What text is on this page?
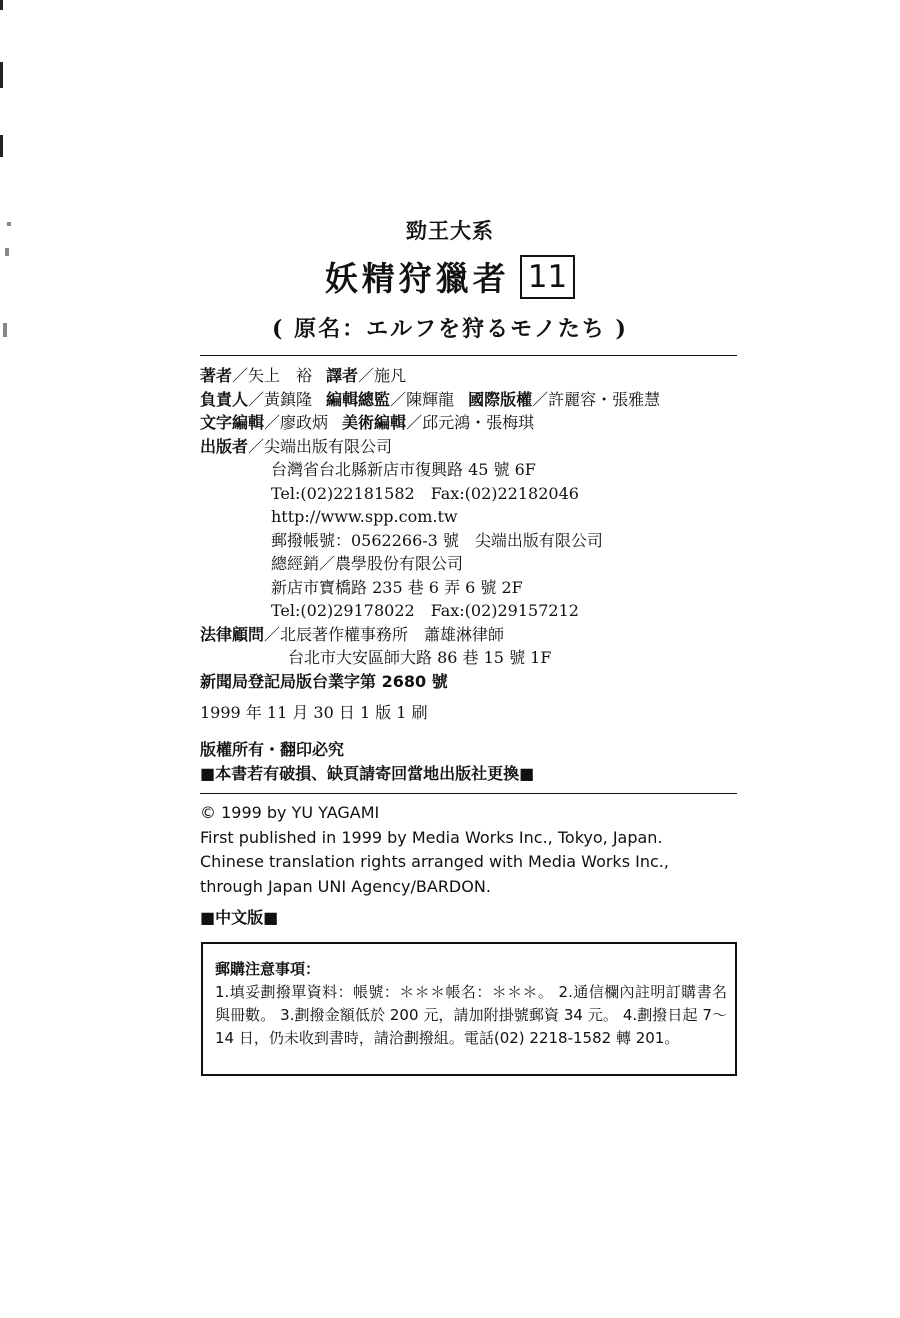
勁王大系
妖精狩獵者 11
( 原名：エルフを狩るモノたち )
著者／矢上　裕 譯者／施凡
負責人／黃鎮隆 編輯總監／陳輝龍 國際版權／許麗容・張雅慧
文字編輯／廖政炳 美術編輯／邱元鴻・張梅琪
出版者／尖端出版有限公司
台灣省台北縣新店市復興路 45 號 6F
Tel:(02)22181582　Fax:(02)22182046
http://www.spp.com.tw
郵撥帳號：0562266-3 號　尖端出版有限公司
總經銷／農學股份有限公司
新店市寶橋路 235 巷 6 弄 6 號 2F
Tel:(02)29178022　Fax:(02)29157212
法律顧問／北辰著作權事務所　蕭雄淋律師
台北市大安區師大路 86 巷 15 號 1F
新聞局登記局版台業字第 2680 號
1999 年 11 月 30 日 1 版 1 刷
版權所有・翻印必究
■本書若有破損、缺頁請寄回當地出版社更換■
© 1999 by YU YAGAMI
First published in 1999 by Media Works Inc., Tokyo, Japan.
Chinese translation rights arranged with Media Works Inc.,
through Japan UNI Agency/BARDON.
■中文版■
郵購注意事項：
1.填妥劃撥單資料：帳號：＊＊＊帳名：＊＊＊。 2.通信欄內註明訂購書名與冊數。 3.劃撥金額低於 200 元，請加附掛號郵資 34 元。 4.劃撥日起 7～14 日，仍未收到書時，請洽劃撥組。電話(02) 2218-1582 轉 201。
